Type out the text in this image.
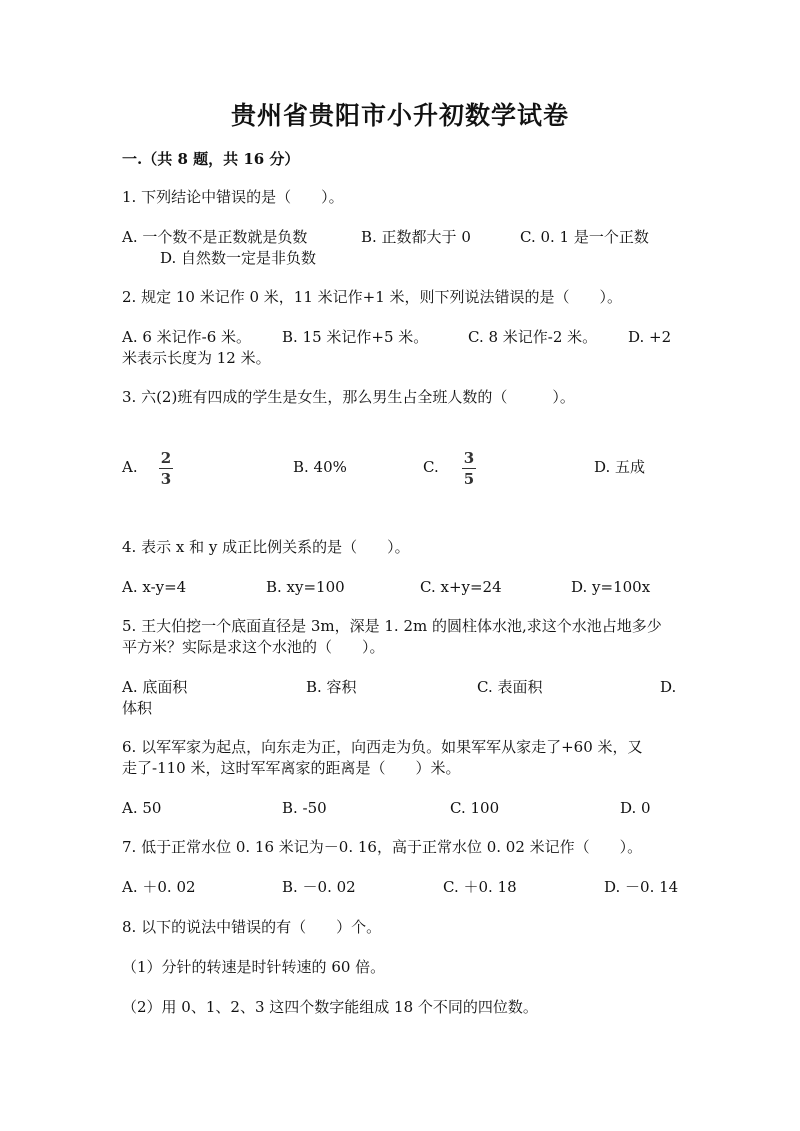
贵州省贵阳市小升初数学试卷
一.（共 8 题，共 16 分）
1. 下列结论中错误的是（　　）。
A. 一个数不是正数就是负数	B. 正数都大于 0	C. 0. 1 是一个正数
D. 自然数一定是非负数
2. 规定 10 米记作 0 米，11 米记作+1 米，则下列说法错误的是（　　）。
A. 6 米记作-6 米。 B. 15 米记作+5 米。	C. 8 米记作-2 米。 D. +2
米表示长度为 12 米。
3. 六(2)班有四成的学生是女生，那么男生占全班人数的（　　　）。
A. 2
3
B. 40%	C. 3
5
D. 五成
4. 表示 x 和 y 成正比例关系的是（　　）。
A. x-y=4	B. xy=100	C. x+y=24	D. y=100x
5. 王大伯挖一个底面直径是 3m，深是 1. 2m 的圆柱体水池,求这个水池占地多少
平方米？实际是求这个水池的（　　）。
A. 底面积	B. 容积	C. 表面积	D.
体积
6. 以军军家为起点，向东走为正，向西走为负。如果军军从家走了+60 米，又
走了-110 米，这时军军离家的距离是（　　）米。
A. 50	B. -50	C. 100	D. 0
7. 低于正常水位 0. 16 米记为－0. 16，高于正常水位 0. 02 米记作（　　）。
A. ＋0. 02	B. －0. 02	C. ＋0. 18	D. －0. 14
8. 以下的说法中错误的有（　　）个。
（1）分针的转速是时针转速的 60 倍。
（2）用 0、1、2、3 这四个数字能组成 18 个不同的四位数。
